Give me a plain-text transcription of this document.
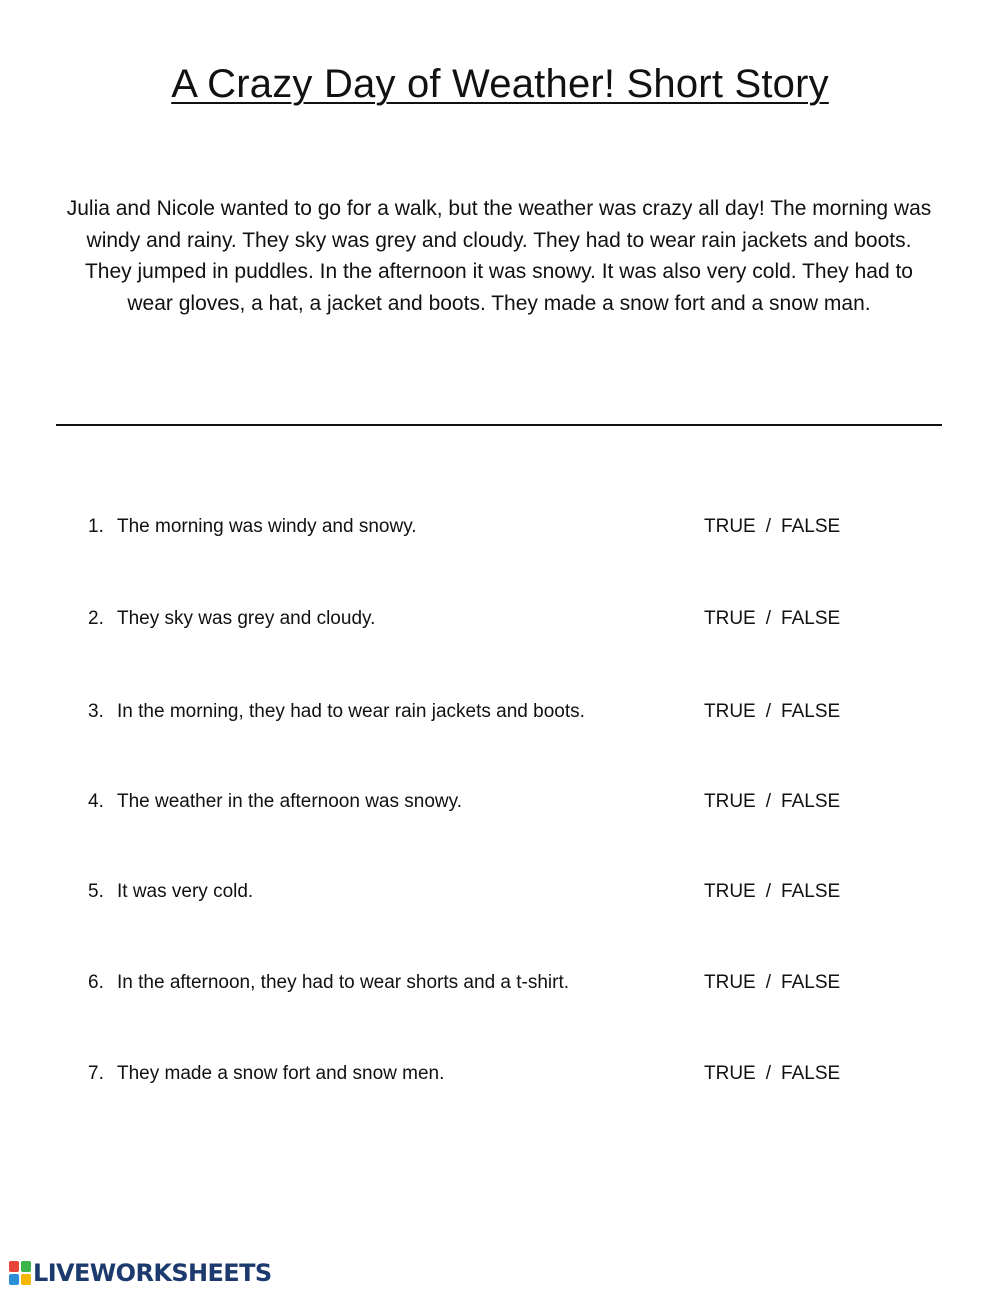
A Crazy Day of Weather! Short Story
Julia and Nicole wanted to go for a walk, but the weather was crazy all day! The morning was windy and rainy. They sky was grey and cloudy. They had to wear rain jackets and boots. They jumped in puddles. In the afternoon it was snowy. It was also very cold. They had to wear gloves, a hat, a jacket and boots. They made a snow fort and a snow man.
1. The morning was windy and snowy.	TRUE / FALSE
2. They sky was grey and cloudy.	TRUE / FALSE
3. In the morning, they had to wear rain jackets and boots.	TRUE / FALSE
4. The weather in the afternoon was snowy.	TRUE / FALSE
5. It was very cold.	TRUE / FALSE
6. In the afternoon, they had to wear shorts and a t-shirt.	TRUE / FALSE
7. They made a snow fort and snow men.	TRUE / FALSE
LIVEWORKSHEETS
